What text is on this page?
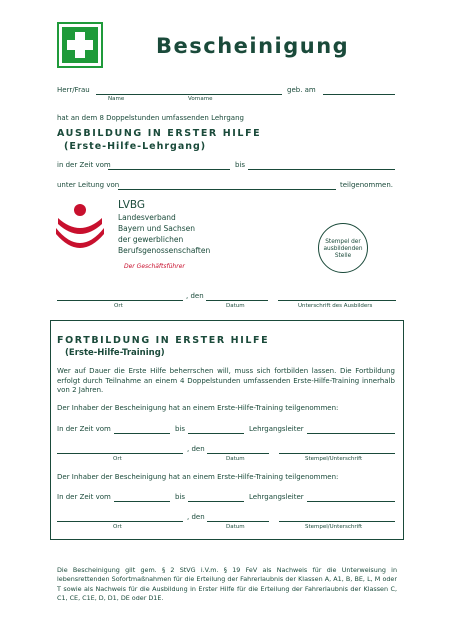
Bescheinigung
Herr/Frau	geb. am
Name	Vorname
hat an dem 8 Doppelstunden umfassenden Lehrgang
AUSBILDUNG IN ERSTER HILFE
(Erste-Hilfe-Lehrgang)
in der Zeit vom	bis
unter Leitung von	teilgenommen.
LVBG
Landesverband
Bayern und Sachsen
der gewerblichen
Berufsgenossenschaften
Der Geschäftsführer
Stempel der
ausbildenden
Stelle
, den
Ort	Datum	Unterschrift des Ausbilders
FORTBILDUNG IN ERSTER HILFE
(Erste-Hilfe-Training)
Wer auf Dauer die Erste Hilfe beherrschen will, muss sich fortbilden lassen. Die Fortbildung erfolgt durch Teilnahme an einem 4 Doppelstunden umfassenden Erste-Hilfe-Training innerhalb von 2 Jahren.
Der Inhaber der Bescheinigung hat an einem Erste-Hilfe-Training teilgenommen:
In der Zeit vom	bis	Lehrgangsleiter
, den
Ort	Datum	Stempel/Unterschrift
Der Inhaber der Bescheinigung hat an einem Erste-Hilfe-Training teilgenommen:
In der Zeit vom	bis	Lehrgangsleiter
, den
Ort	Datum	Stempel/Unterschrift
Die Bescheinigung gilt gem. § 2 StVG i.V.m. § 19 FeV als Nachweis für die Unterweisung in lebensrettenden Sofortmaßnahmen für die Erteilung der Fahrerlaubnis der Klassen A, A1, B, BE, L, M oder T sowie als Nachweis für die Ausbildung in Erster Hilfe für die Erteilung der Fahrerlaubnis der Klassen C, C1, CE, C1E, D, D1, DE oder D1E.
